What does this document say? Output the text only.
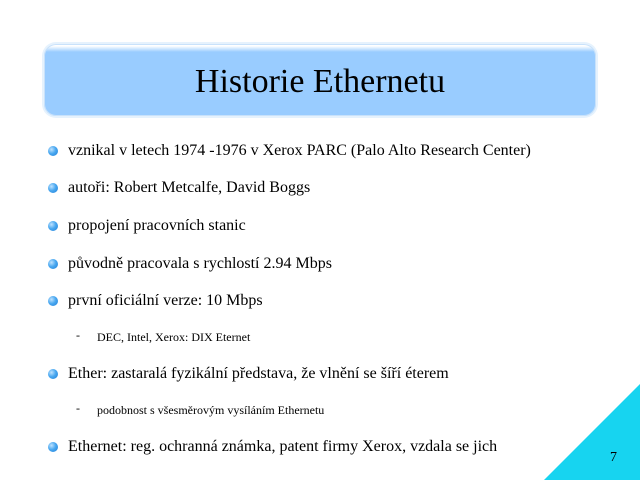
Historie Ethernetu
vznikal v letech 1974 -1976 v Xerox PARC (Palo Alto Research Center)
autoři: Robert Metcalfe, David Boggs
propojení pracovních stanic
původně pracovala s rychlostí 2.94 Mbps
první oficiální verze: 10 Mbps
- DEC, Intel, Xerox: DIX Eternet
Ether: zastaralá fyzikální představa, že vlnění se šíří éterem
- podobnost s všesměrovým vysíláním Ethernetu
Ethernet: reg. ochranná známka, patent firmy Xerox, vzdala se jich
7
